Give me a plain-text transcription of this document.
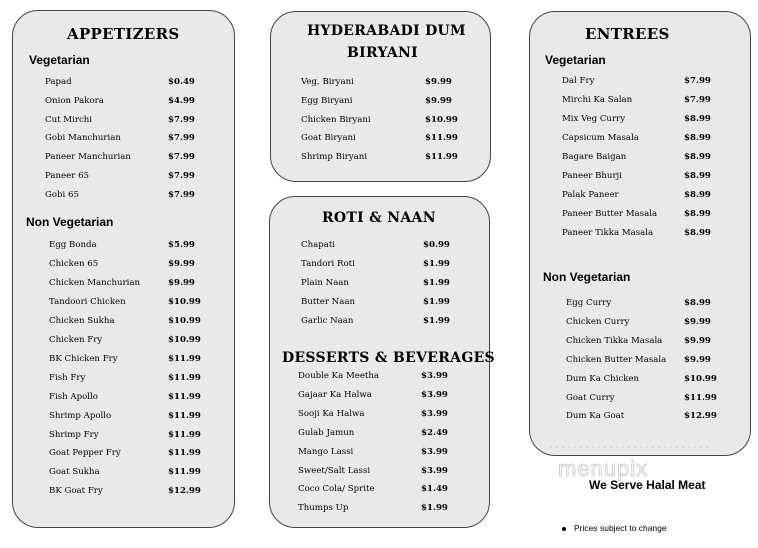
APPETIZERS
Vegetarian
Non Vegetarian
HYDERABADI DUM
BIRYANI
ROTI & NAAN
DESSERTS & BEVERAGES
ENTREES
Vegetarian
Non Vegetarian
Papad	$0.49
Onion Pakora	$4.99
Cut Mirchi	$7.99
Gobi Manchurian	$7.99
Paneer Manchurian	$7.99
Paneer 65	$7.99
Gobi 65	$7.99
Egg Bonda	$5.99
Chicken 65	$9.99
Chicken Manchurian	$9.99
Tandoori Chicken	$10.99
Chicken Sukha	$10.99
Chicken Fry	$10.99
BK Chicken Fry	$11.99
Fish Fry	$11.99
Fish Apollo	$11.99
Shrimp Apollo	$11.99
Shrimp Fry	$11.99
Goat Pepper Fry	$11.99
Goat Sukha	$11.99
BK Goat Fry	$12.99
Veg. Biryani	$9.99
Egg Biryani	$9.99
Chicken Biryani	$10.99
Goat Biryani	$11.99
Shrimp Biryani	$11.99
Chapati	$0.99
Tandori Roti	$1.99
Plain Naan	$1.99
Butter Naan	$1.99
Garlic Naan	$1.99
Double Ka Meetha	$3.99
Gajaar Ka Halwa	$3.99
Sooji Ka Halwa	$3.99
Gulab Jamun	$2.49
Mango Lassi	$3.99
Sweet/Salt Lassi	$3.99
Coco Cola/ Sprite	$1.49
Thumps Up	$1.99
Dal Fry	$7.99
Mirchi Ka Salan	$7.99
Mix Veg Curry	$8.99
Capsicum Masala	$8.99
Bagare Baigan	$8.99
Paneer Bhurji	$8.99
Palak Paneer	$8.99
Paneer Butter Masala	$8.99
Paneer Tikka Masala	$8.99
Egg Curry	$8.99
Chicken Curry	$9.99
Chicken Tikka Masala	$9.99
Chicken Butter Masala $9.99
Dum Ka Chicken	$10.99
Goat Curry	$11.99
Dum Ka Goat	$12.99
menupix
We Serve Halal Meat
Prices subject to change
